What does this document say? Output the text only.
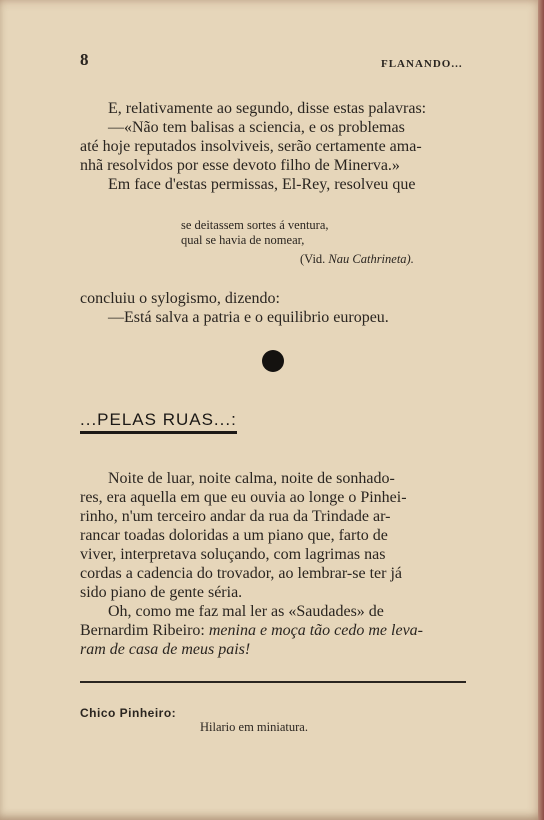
8	FLANANDO...
E, relativamente ao segundo, disse estas palavras:
—«Não tem balisas a sciencia, e os problemas
até hoje reputados insolviveis, serão certamente ama-
nhã resolvidos por esse devoto filho de Minerva.»
Em face d'estas permissas, El-Rey, resolveu que
se deitassem sortes á ventura,
qual se havia de nomear,
(Vid. Nau Cathrineta).
concluiu o sylogismo, dizendo:
—Está salva a patria e o equilibrio europeu.
...PELAS RUAS...:
Noite de luar, noite calma, noite de sonhado-
res, era aquella em que eu ouvia ao longe o Pinhei-
rinho, n'um terceiro andar da rua da Trindade ar-
rancar toadas doloridas a um piano que, farto de
viver, interpretava soluçando, com lagrimas nas
cordas a cadencia do trovador, ao lembrar-se ter já
sido piano de gente séria.
Oh, como me faz mal ler as «Saudades» de
Bernardim Ribeiro: menina e moça tão cedo me leva-
ram de casa de meus pais!
Chico Pinheiro:
Hilario em miniatura.
